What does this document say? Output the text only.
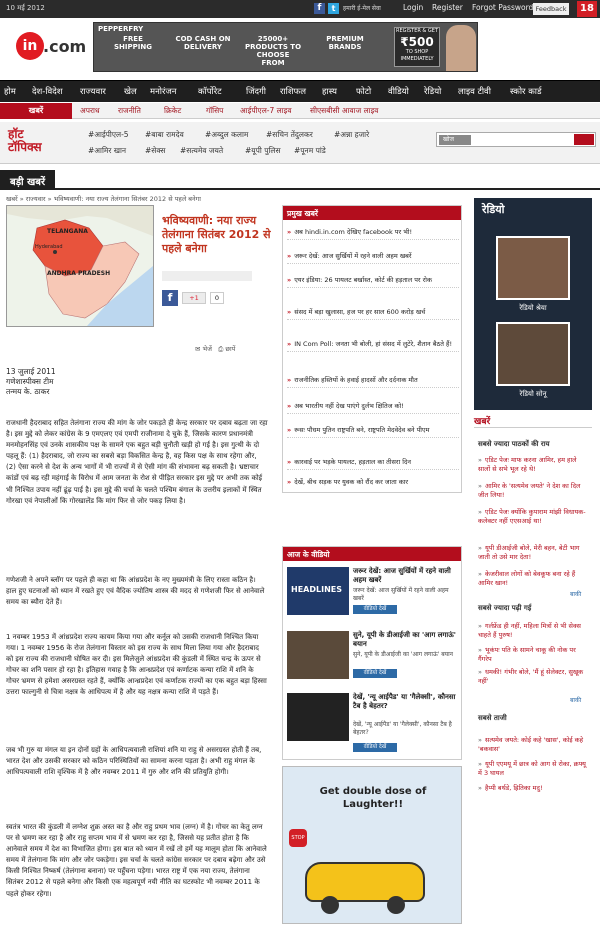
10 मई 2012	f	t	हमारी ई-मेल सेवा	Login Register Forgot Password Feedback	18
in .com
PEPPERFRY
FREE SHIPPING
COD CASH ON DELIVERY
25000+ PRODUCTS TO CHOOSE FROM
PREMIUM BRANDS
REGISTER & GET
₹500
TO SHOP IMMEDIATELY
होम देश-विदेश राज्यवार खेल मनोरंजन	कॉर्पोरेट	जिंदगी राशिफल हास्य फोटो वीडियो रेडियो लाइव टीवी स्कोर कार्ड
खबरें	अपराध राजनीति	क्रिकेट	गॉसिप आईपीएल-7 लाइव सीएसबीसी आवाज लाइव
हॉट
टॉपिक्स
#आईपीएल-5 #बाबा रामदेव	#अब्दुल कलाम #सचिन तेंदुलकर	#अन्ना हजारे
#आमिर खान	#सेक्स #सत्यमेव जयते	#यूपी पुलिस #पूनम पांडे
खोज
बड़ी खबरें
खबरें » राज्यवार » भविष्यवाणी: नया राज्य तेलंगाना सितंबर 2012 से पहले बनेगा
TELANGANA
Hyderabad
ANDHRA PRADESH
भविष्यवाणी: नया राज्य तेलंगाना सितंबर 2012 से पहले बनेगा
f	+1	0
✉ भेजें ⎙ छापें
13 जुलाई 2011
गणेशास्पीक्स टीम
तन्मय के. ठाकर

राजधानी हैदराबाद सहित तेलंगाना राज्य की मांग के जोर पकड़ते ही केन्द्र सरकार पर दबाव बढ़ता जा रहा है। इस मुद्दे को लेकर कांग्रेस के 9 एमएलए एवं एमपी राजीनामा दे चुके हैं, जिसके कारण प्रधानमंत्री मनमोहनसिंह एवं उनके शासकीय पक्ष के सामने एक बहुत बड़ी चुनौती खड़ी हो गई है। इस गुत्थी के दो पहलू हैं: (1) हैदराबाद, जो राज्य का सबसे बड़ा विकसित केन्द्र है, वह किस पक्ष के साथ रहेगा और, (2) ऐसा करने से देश के अन्य भागों में भी राज्यों में से ऐसी मांग की संभावना बढ़ सकती है। भ्रष्टाचार कांडों एवं बढ़ रही महंगाई के विरोध में आम जनता के रोश से पीड़ित सरकार इस मुद्दे पर अभी तक कोई भी निश्चित उपाय नहीं ढूंढ़ पाई है। इस मुद्दे की चर्चा के चलते पश्चिम बंगाल के उत्तरीय इलाकों में स्थित गोरखा एवं नेपालीओं कि गोरखालेंड कि मांग फिर से जोर पकड़ लिया है।

गणेशजी ने अपने ब्लॉग पर पहले ही कहा था कि आंध्रप्रदेश के नए मुख्यमंत्री के लिए रास्ता कठिन है। हाल हुए घटनाओं को ध्यान में रखते हुए एवं वैदिक ज्योतिष शास्त्र की मदद से गणेशजी फिर से आनेवाले समय का ब्यौरा देते हैं।

1 नवम्बर 1953 में आंध्रप्रदेश राज्य कायम किया गया और कर्नूल को उसकी राजधानी निश्चित किया गया। 1 नवम्बर 1956 के रोज तेलंगाना विस्तार को इस राज्य के साथ मिला लिया गया और हैदराबाद को इस राज्य की राजधानी घोषित कर दी। इस मिलेजुले आंध्रप्रदेश की कुंडली में स्थित चन्द्र के ऊपर से गोचर का शनि पसार हो रहा है। इतिहास गवाह है कि आन्ध्रप्रदेश एवं कर्णाटक कन्या राशि में शनि के गोचर भ्रमण से हमेशा असरग्रस्त रहते हैं, क्योंकि आन्ध्रप्रदेश एवं कर्णाटक राज्यों का एक बहुत बड़ा हिस्सा उत्तरा फाल्गुनी से चित्रा नक्षत्र के आधिपत्य में है और यह नक्षत्र कन्या राशि में पड़ते हैं।

जब भी गुरु या मंगल या इन दोनों ग्रहों के आधिपत्यवाली राशियां शनि या राहु से असरग्रस्त होती हैं तब, भारत देश और उसकी सरकार को कठिन परिस्थितियों का सामना करना पड़ता है। अभी राहु मंगल के आधिपत्यवाली राशि वृश्चिक में है और नवम्बर 2011 में गुरु और शनि की प्रतियुति होगी।

स्वतंत्र भारत की कुंडली में लग्नेश शुक्र अस्त का है और राहु प्रथम भाव (लग्न) में है। गोचर का केतु लग्न पर से भ्रमण कर रहा है और राहु सप्तम भाव में से भ्रमण कर रहा है, जिससे यह प्रतीत होता है कि आनेवाले समय में देश का विभाजित होगा। इस बात को ध्यान में रखें तो हमें यह मालूम होता कि आनेवाले समय में तेलंगाना कि मांग और जोर पकड़ेगा। इस चर्चा के चलते कांग्रेस सरकार पर दबाव बढ़ेगा और उसे किसी निश्चित निष्कर्ष (तेलंगाना बनाना) पर पहुँचना पड़ेगा। भारत राष्ट्र में एक नया राज्य, तेलंगाना सितंबर 2012 से पहले बनेगा और किसी एक महत्वपूर्ण नयी नीति का घटस्फोट भी नवम्बर 2011 के पहले होकर रहेगा।

प्रमुख खबरें
» अब hindi.in.com देखिए facebook पर भी!
» जरूर देखें: आज सुर्खियों में रहने वाली अहम खबरें
» एयर इंडिया: 26 पायलट बर्खास्त, कोर्ट की हड़ताल पर रोक
» संसद में बड़ा खुलासा, हज पर हर साल 600 करोड़ खर्च
» IN Com Poll: जनता भी बोली, हां संसद में लुटेरे, शैतान बैठते हैं!
» राजनीतिक हस्तियों के हवाई हादसों और दर्दनाक मौत
» अब भारतीय नहीं देख पाएंगे दुर्लभ क्षितिज को!
» रूसः पौधम पुतिन राष्ट्रपति बने, राष्ट्रपति मेदवेदेव बने पीएम
» कारवाई पर भड़के पायलट, हड़ताल का तीसरा दिन
» देखें, बीच सड़क पर युवक को रौंद कर जाता कार
आज के वीडियो
HEADLINES
जरूर देखें: आज सुर्खियों में रहने वाली अहम खबरें
जरूर देखें: आज सुर्खियों में रहने वाली अहम खबरें
वीडियो देखें
सुने, यूपी के डीआईजी का 'आग लगाऊं' बयान
सुने, यूपी के डीआईजी का 'आग लगाऊं' बयान
वीडियो देखें
देखें, 'न्यू आईपैड' या 'गैलेक्सी', कौनसा टैब है बेहतर?
देखें, 'न्यू आईपैड' या 'गैलेक्सी', कौनसा टैब है बेहतर?
वीडियो देखें
Get double dose of Laughter!!
STOP
रेडियो
रेडियो श्रेया
रेडियो सोनू
खबरें
सबसे ज्यादा पाठकों की राय
» एडिट पेजः माफ करना आमिर, हम हाले सालों से सभे भूल रहे थे!
» आमिर के 'सत्यमेव जयते' ने देश का दिल जीत लिया!
» एडिट पेजः क्योंकि कुपाराम मांझी विधायक- कलेक्टर नहीं एएसआई था!
» यूपी डीआईजी बोले, मेरी बहन, बेटी भाग जाती तो उसे मार देता!
» केजरीवाल लोगों को बेवकूफ बना रहे हैं आमिर खान!
बाकी
सबसे ज्यादा पढ़ी गई
» गर्लफ्रेंड ही नहीं, महिला मित्रों से भी सेक्स चाहते हैं पुरुष!
» भूकंपः पति के सामने चाकू की नोक पर गैंगरेप
» धमकी! गंभीर बोले, 'मैं हूं सेलेक्टर, सुखूक नहीं'
बाकी
सबसे ताजी
» सत्यमेव जयते: कोई कहे 'खास', कोई कहे 'बकवास'
» यूपी एएमयू में छात्र को आग से रोका, क्रफ्यू में 3 घायल
» हैप्पी बर्थडे, ह्रितिका मदु!
